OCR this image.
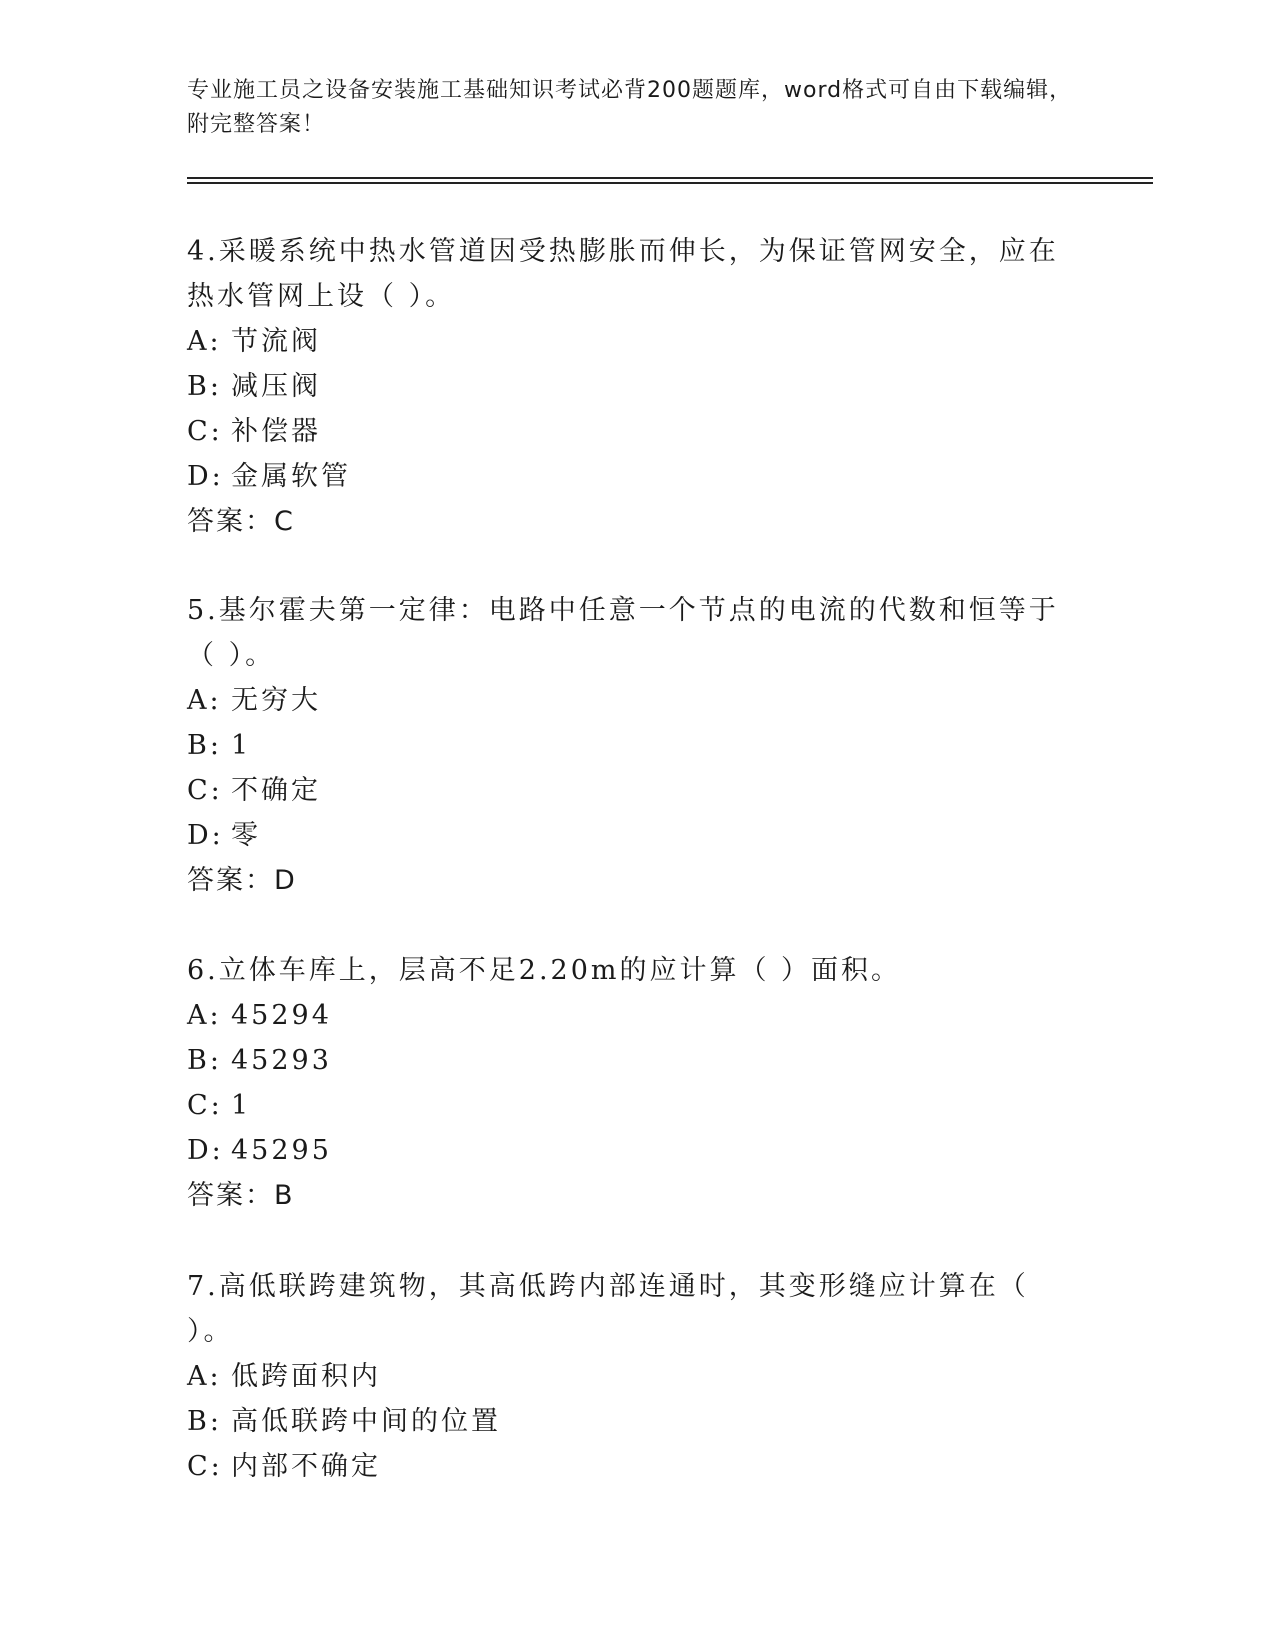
专业施工员之设备安装施工基础知识考试必背200题题库，word格式可自由下载编辑，附完整答案！

4.采暖系统中热水管道因受热膨胀而伸长，为保证管网安全，应在热水管网上设（ ）。

A: 节流阀
B: 减压阀
C: 补偿器
D: 金属软管
答案：C

5.基尔霍夫第一定律：电路中任意一个节点的电流的代数和恒等于（ ）。

A: 无穷大
B: 1
C: 不确定
D: 零
答案：D

6.立体车库上，层高不足2.20m的应计算（ ）面积。

A: 45294
B: 45293
C: 1
D: 45295
答案：B

7.高低联跨建筑物，其高低跨内部连通时，其变形缝应计算在（ ）。

A: 低跨面积内
B: 高低联跨中间的位置
C: 内部不确定
